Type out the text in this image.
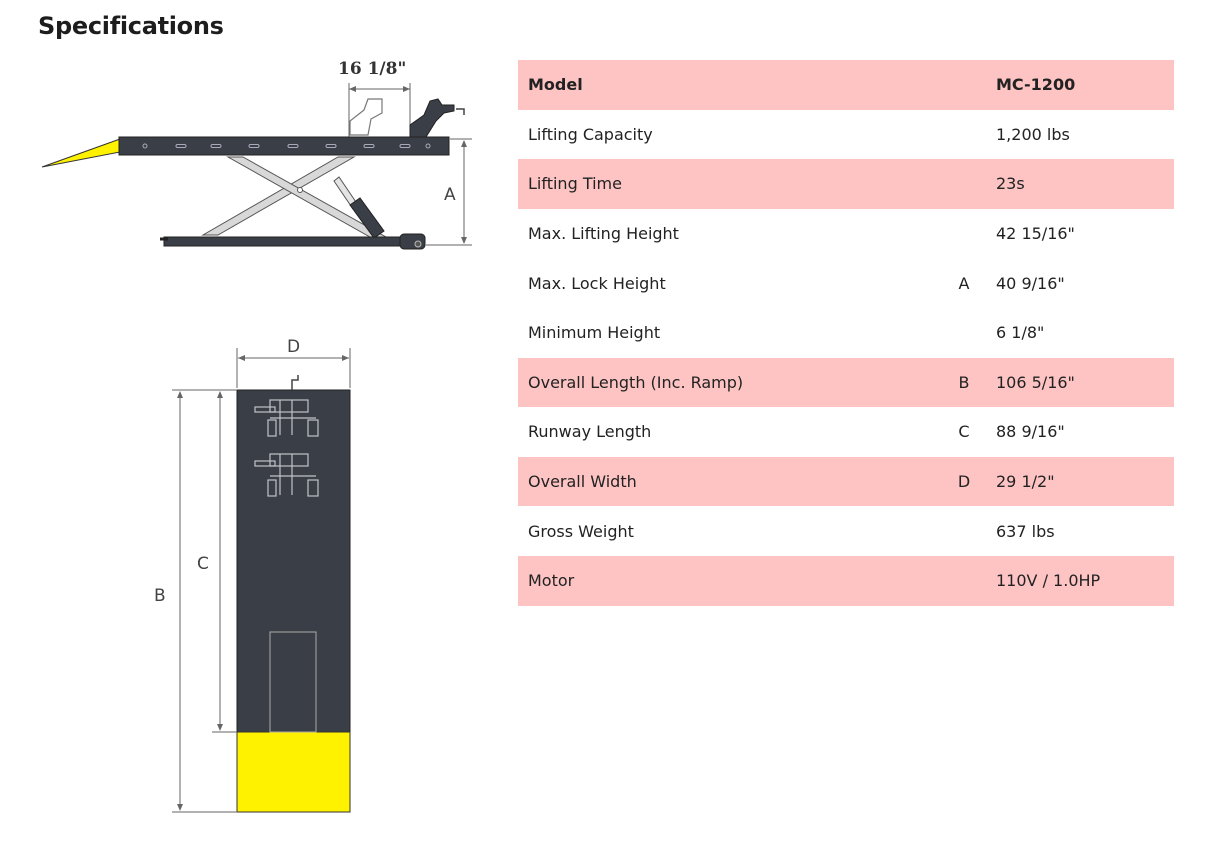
Specifications
16 1/8"
A
D
C
B
Model		MC-1200
Lifting Capacity		1,200 lbs
Lifting Time		23s
Max. Lifting Height		42 15/16"
Max. Lock Height	A	40 9/16"
Minimum Height		6 1/8"
Overall Length (Inc. Ramp)	B	106 5/16"
Runway Length	C	88 9/16"
Overall Width	D	29 1/2"
Gross Weight		637 lbs
Motor		110V / 1.0HP
